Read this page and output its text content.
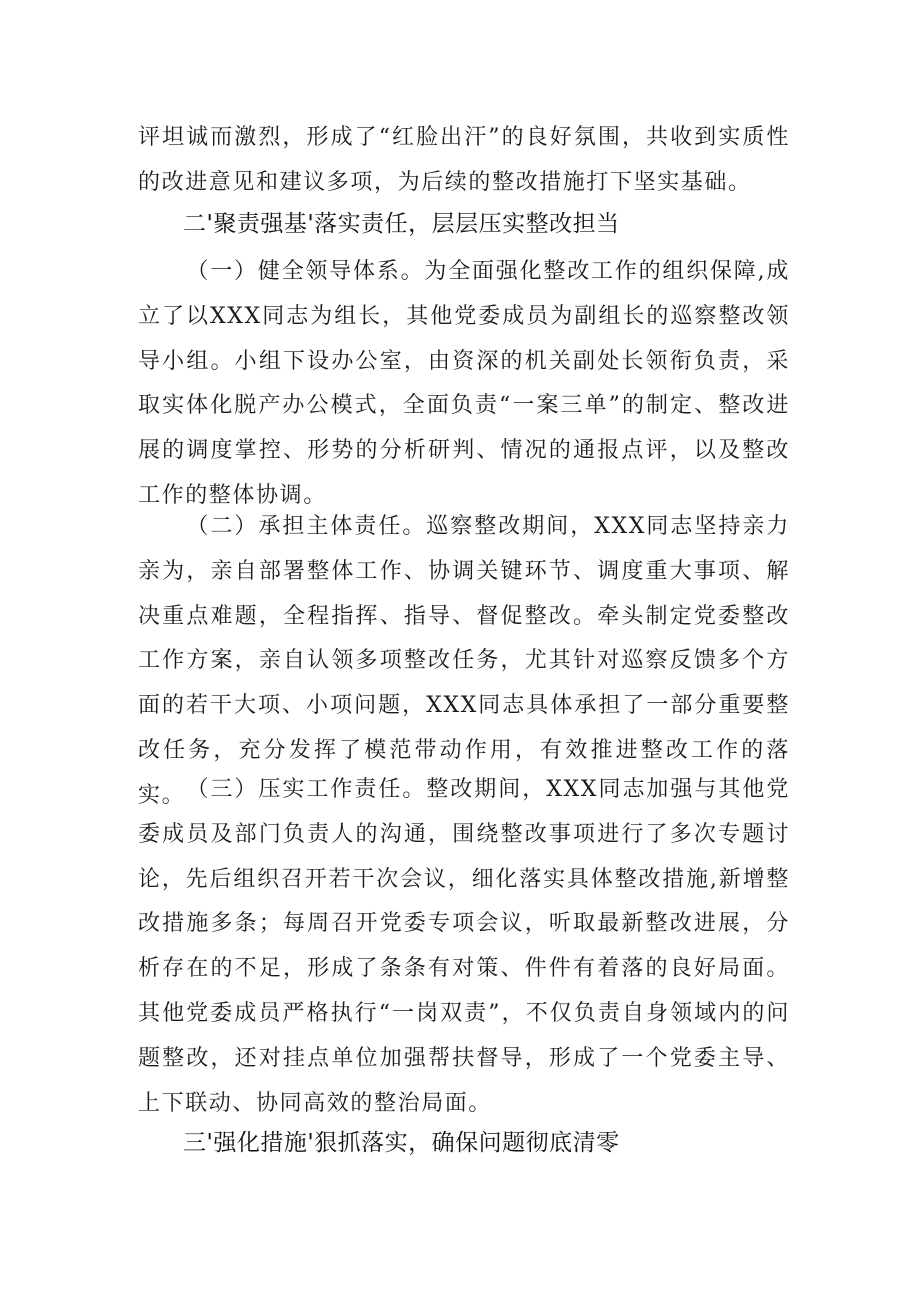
评坦诚而激烈，形成了“红脸出汗”的良好氛围，共收到实质性的改进意见和建议多项，为后续的整改措施打下坚实基础。

二'聚责强基'落实责任，层层压实整改担当

（一）健全领导体系。为全面强化整改工作的组织保障,成立了以XXX同志为组长，其他党委成员为副组长的巡察整改领导小组。小组下设办公室，由资深的机关副处长领衔负责，采取实体化脱产办公模式，全面负责“一案三单”的制定、整改进展的调度掌控、形势的分析研判、情况的通报点评，以及整改工作的整体协调。

（二）承担主体责任。巡察整改期间，XXX同志坚持亲力亲为，亲自部署整体工作、协调关键环节、调度重大事项、解决重点难题，全程指挥、指导、督促整改。牵头制定党委整改工作方案，亲自认领多项整改任务，尤其针对巡察反馈多个方面的若干大项、小项问题，XXX同志具体承担了一部分重要整改任务，充分发挥了模范带动作用，有效推进整改工作的落实。 （三）压实工作责任。整改期间，XXX同志加强与其他党委成员及部门负责人的沟通，围绕整改事项进行了多次专题讨论，先后组织召开若干次会议，细化落实具体整改措施,新增整改措施多条；每周召开党委专项会议，听取最新整改进展，分析存在的不足，形成了条条有对策、件件有着落的良好局面。其他党委成员严格执行“一岗双责”，不仅负责自身领域内的问题整改，还对挂点单位加强帮扶督导，形成了一个党委主导、上下联动、协同高效的整治局面。

三'强化措施'狠抓落实，确保问题彻底清零
